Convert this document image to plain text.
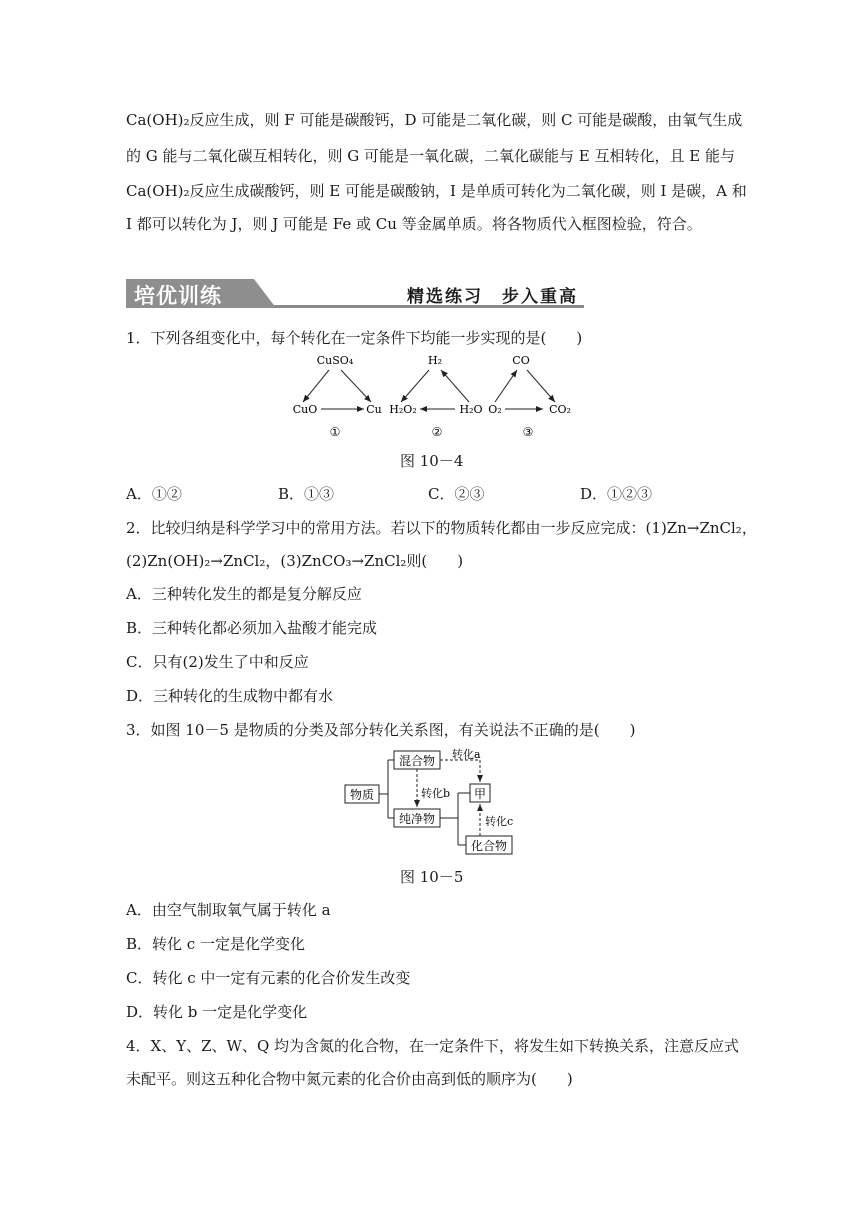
Ca(OH)₂反应生成，则 F 可能是碳酸钙，D 可能是二氧化碳，则 C 可能是碳酸，由氧气生成
的 G 能与二氧化碳互相转化，则 G 可能是一氧化碳，二氧化碳能与 E 互相转化，且 E 能与
Ca(OH)₂反应生成碳酸钙，则 E 可能是碳酸钠，I 是单质可转化为二氧化碳，则 I 是碳，A 和
I 都可以转化为 J，则 J 可能是 Fe 或 Cu 等金属单质。将各物质代入框图检验，符合。
培优训练	精选练习　步入重高
1．下列各组变化中，每个转化在一定条件下均能一步实现的是(　　)
CuSO₄
CuO	Cu
①
H₂
H₂O₂	H₂O
②
CO
O₂	CO₂
③
图 10－4
A．①②	B．①③	C．②③	D．①②③
2．比较归纳是科学学习中的常用方法。若以下的物质转化都由一步反应完成：(1)Zn→ZnCl₂，
(2)Zn(OH)₂→ZnCl₂，(3)ZnCO₃→ZnCl₂则(　　)
A．三种转化发生的都是复分解反应
B．三种转化都必须加入盐酸才能完成
C．只有(2)发生了中和反应
D．三种转化的生成物中都有水
3．如图 10－5 是物质的分类及部分转化关系图，有关说法不正确的是(　　)
物质
混合物
纯净物
转化a
转化b 甲
化合物
转化c
图 10－5
A．由空气制取氧气属于转化 a
B．转化 c 一定是化学变化
C．转化 c 中一定有元素的化合价发生改变
D．转化 b 一定是化学变化
4．X、Y、Z、W、Q 均为含氮的化合物，在一定条件下，将发生如下转换关系，注意反应式
未配平。则这五种化合物中氮元素的化合价由高到低的顺序为(　　)
